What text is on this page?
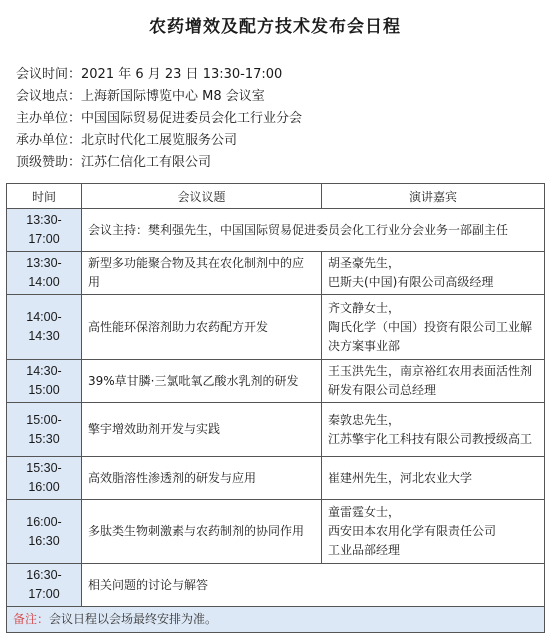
农药增效及配方技术发布会日程
会议时间：2021 年 6 月 23 日 13:30-17:00
会议地点：上海新国际博览中心 M8 会议室
主办单位：中国国际贸易促进委员会化工行业分会
承办单位：北京时代化工展览服务公司
顶级赞助：江苏仁信化工有限公司
时间	会议议题	演讲嘉宾
13:30-17:00	会议主持：樊利强先生，中国国际贸易促进委员会化工行业分会业务一部副主任	
13:30-14:00	新型多功能聚合物及其在农化制剂中的应用	胡圣豪先生，
巴斯夫(中国)有限公司高级经理

14:00-14:30	高性能环保溶剂助力农药配方开发	齐文静女士，
陶氏化学（中国）投资有限公司工业解
决方案事业部

14:30-15:00	39%草甘膦·三氯吡氧乙酸水乳剂的研发	王玉洪先生，南京裕红农用表面活性剂
研发有限公司总经理

15:00-15:30	擎宇增效助剂开发与实践	秦敦忠先生，
江苏擎宇化工科技有限公司教授级高工

15:30-16:00	高效脂溶性渗透剂的研发与应用	崔建州先生，河北农业大学

16:00-16:30	多肽类生物刺激素与农药制剂的协同作用	童雷霆女士，
西安田本农用化学有限责任公司
工业品部经理

16:30-17:00	相关问题的讨论与解答	
备注：会议日程以会场最终安排为准。		
